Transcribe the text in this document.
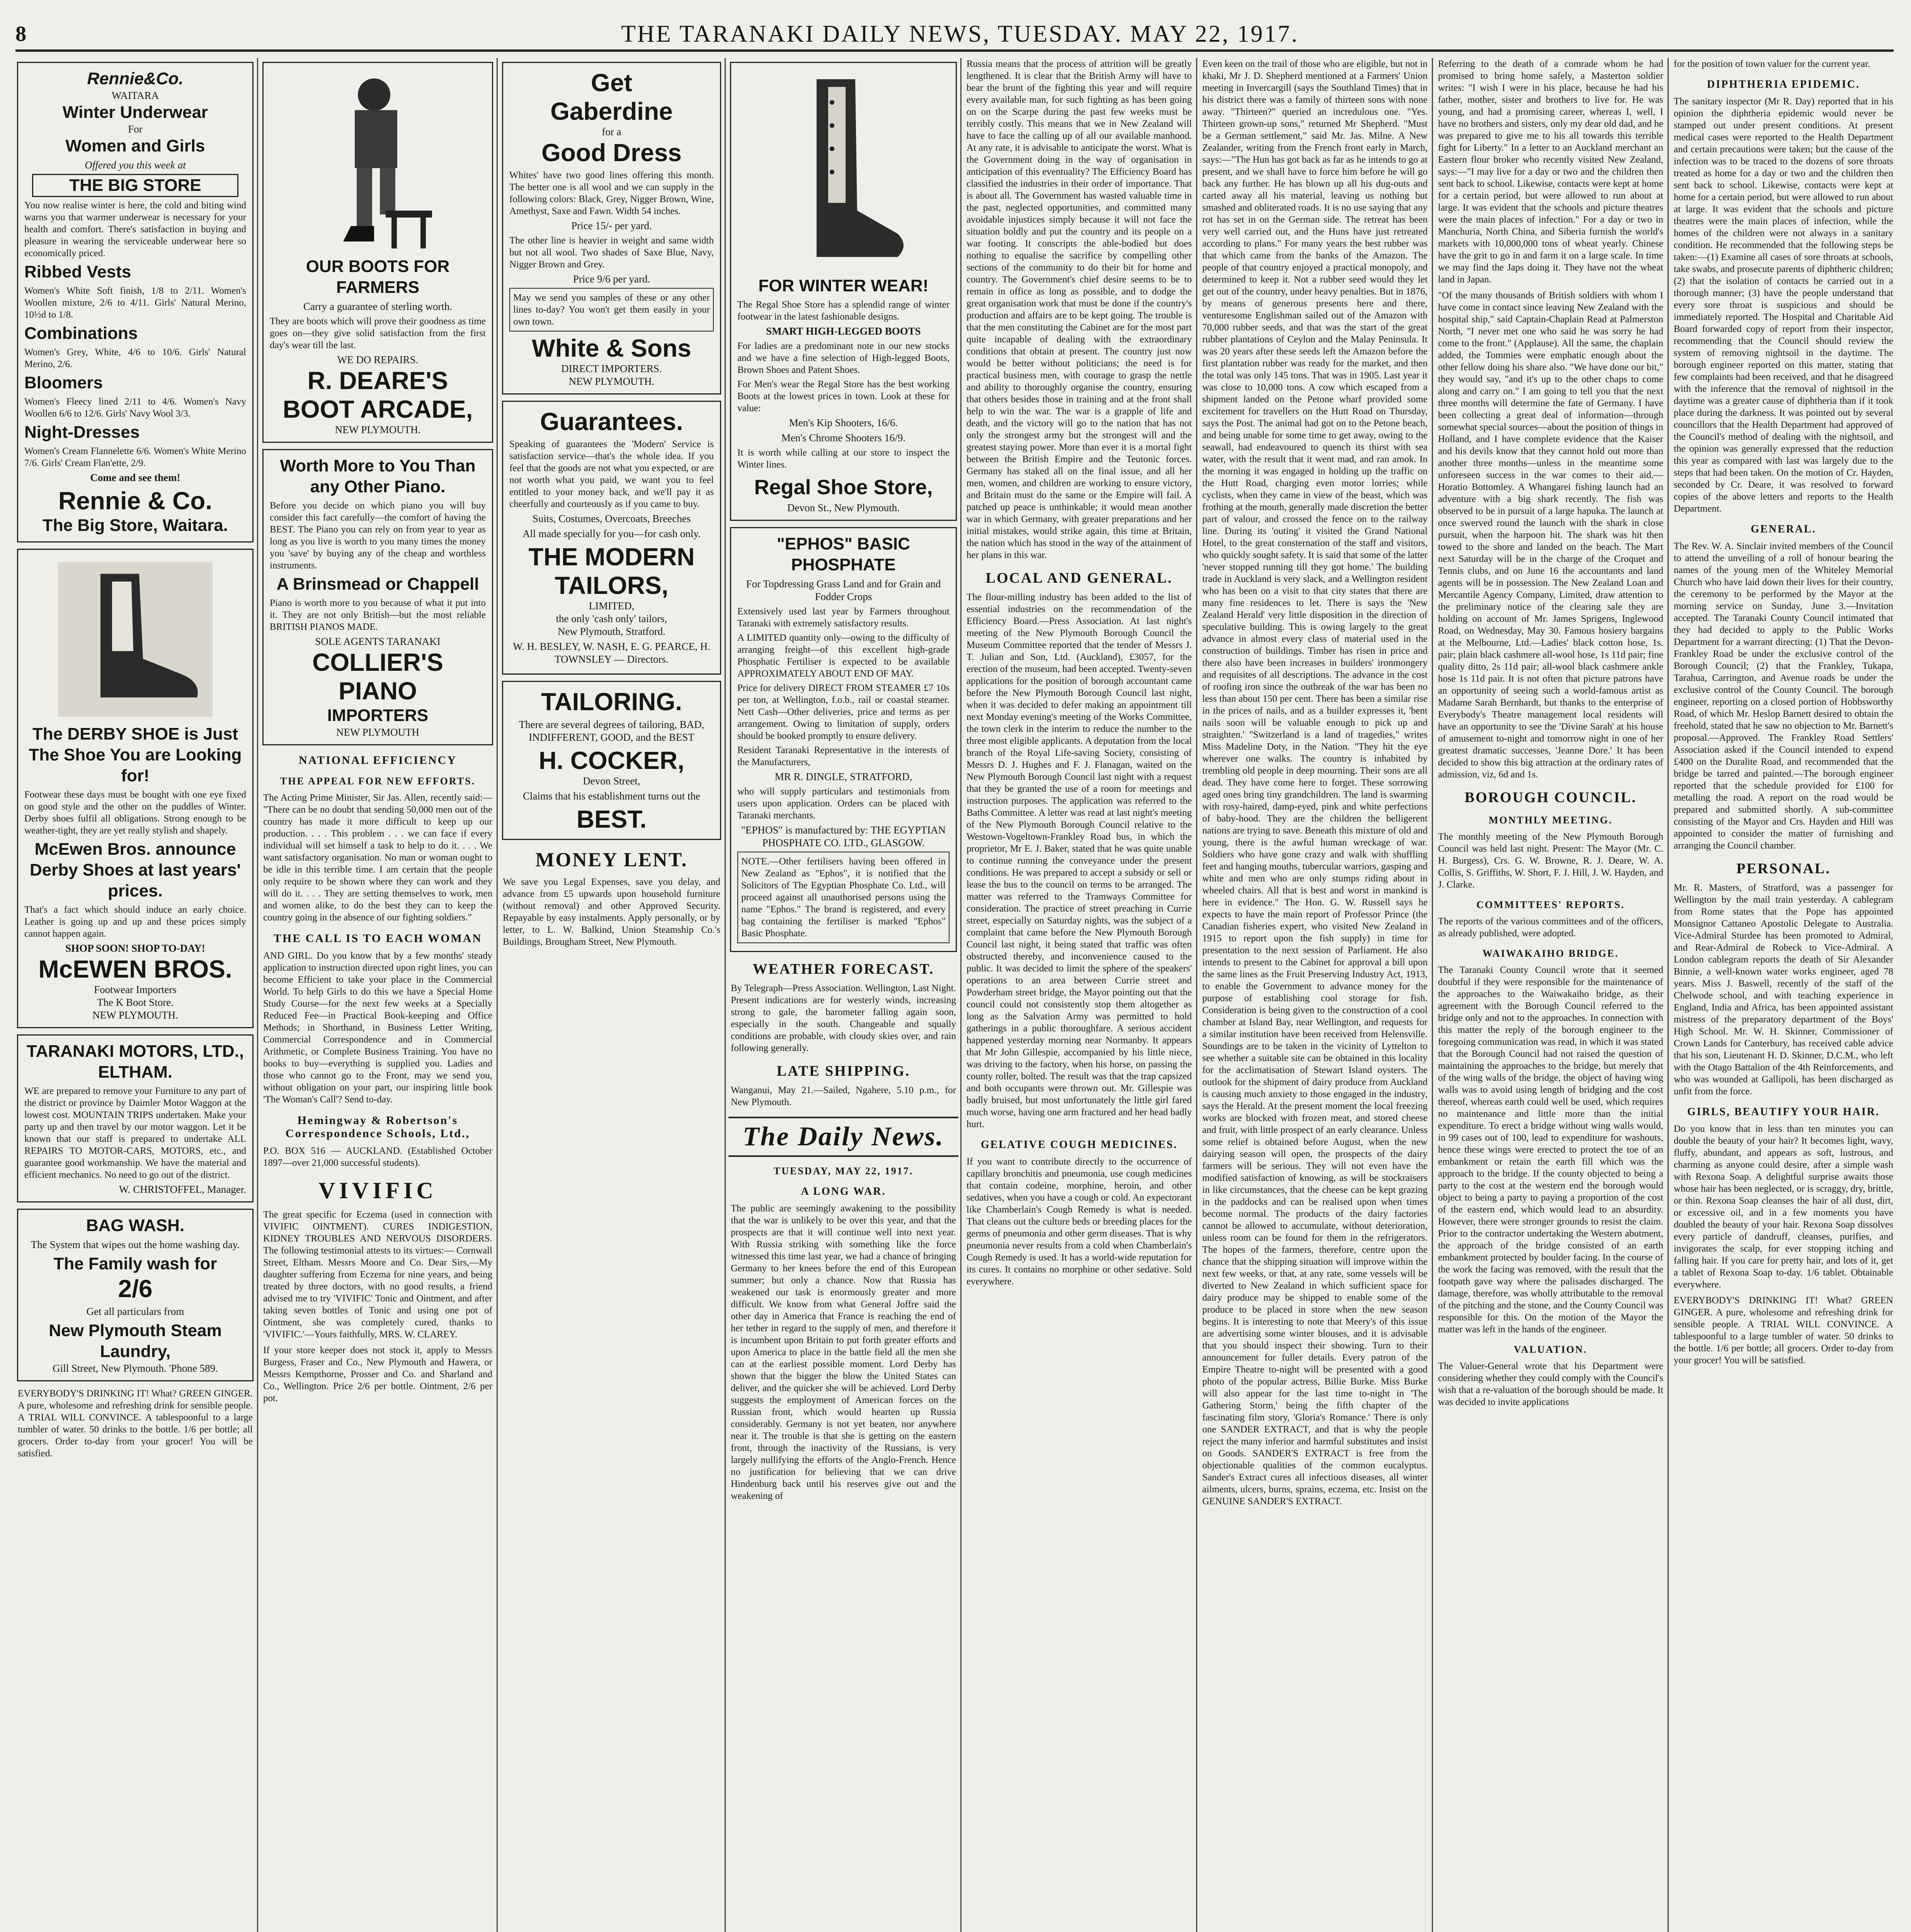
8	THE TARANAKI DAILY NEWS, TUESDAY. MAY 22, 1917.
Rennie&Co.
WAITARA
Winter Underwear
For
Women and Girls

Offered you this week at

THE BIG STORE

You now realise winter is here, the cold and biting wind warns you that warmer underwear is necessary for your health and comfort. There's satisfaction in buying and pleasure in wearing the serviceable underwear here so economically priced.

Ribbed Vests

Women's White Soft finish, 1/8 to 2/11. Women's Woollen mixture, 2/6 to 4/11. Girls' Natural Merino, 10½d to 1/8.

Combinations

Women's Grey, White, 4/6 to 10/6. Girls' Natural Merino, 2/6.

Bloomers

Women's Fleecy lined 2/11 to 4/6. Women's Navy Woollen 6/6 to 12/6. Girls' Navy Wool 3/3.

Night-Dresses

Women's Cream Flannelette 6/6. Women's White Merino 7/6. Girls' Cream Flan'ette, 2/9.

Come and see them!

Rennie & Co.
The Big Store, Waitara.
The DERBY SHOE is Just The Shoe You are Looking for!

Footwear these days must be bought with one eye fixed on good style and the other on the puddles of Winter. Derby shoes fulfil all obligations. Strong enough to be weather-tight, they are yet really stylish and shapely.

McEwen Bros. announce Derby Shoes at last years' prices.

That's a fact which should induce an early choice. Leather is going up and up and these prices simply cannot happen again.

SHOP SOON! SHOP TO-DAY!
McEWEN BROS.
Footwear Importers
The K Boot Store.
NEW PLYMOUTH.
TARANAKI MOTORS, LTD., ELTHAM.

WE are prepared to remove your Furniture to any part of the district or province by Daimler Motor Waggon at the lowest cost. MOUNTAIN TRIPS undertaken. Make your party up and then travel by our motor waggon. Let it be known that our staff is prepared to undertake ALL REPAIRS TO MOTOR-CARS, MOTORS, etc., and guarantee good workmanship. We have the material and efficient mechanics. No need to go out of the district.

W. CHRISTOFFEL, Manager.
BAG WASH.

The System that wipes out the home washing day.

The Family wash for
2/6

Get all particulars from

New Plymouth Steam Laundry,
Gill Street, New Plymouth. 'Phone 589.

EVERYBODY'S DRINKING IT! What? GREEN GINGER. A pure, wholesome and refreshing drink for sensible people. A TRIAL WILL CONVINCE. A tablespoonful to a large tumbler of water. 50 drinks to the bottle. 1/6 per bottle; all grocers. Order to-day from your grocer! You will be satisfied.

OUR BOOTS FOR FARMERS

Carry a guarantee of sterling worth.

They are boots which will prove their goodness as time goes on—they give solid satisfaction from the first day's wear till the last.

WE DO REPAIRS.
R. DEARE'S BOOT ARCADE,
NEW PLYMOUTH.
Worth More to You Than any Other Piano.

Before you decide on which piano you will buy consider this fact carefully—the comfort of having the BEST. The Piano you can rely on from year to year as long as you live is worth to you many times the money you 'save' by buying any of the cheap and worthless instruments.

A Brinsmead or Chappell

Piano is worth more to you because of what it put into it. They are not only British—but the most reliable BRITISH PIANOS MADE.

SOLE AGENTS TARANAKI
COLLIER'S PIANO
IMPORTERS
NEW PLYMOUTH
NATIONAL EFFICIENCY
THE APPEAL FOR NEW EFFORTS.

The Acting Prime Minister, Sir Jas. Allen, recently said:— "There can be no doubt that sending 50,000 men out of the country has made it more difficult to keep up our production. . . . This problem . . . we can face if every individual will set himself a task to help to do it. . . . We want satisfactory organisation. No man or woman ought to be idle in this terrible time. I am certain that the people only require to be shown where they can work and they will do it. . . . They are setting themselves to work, men and women alike, to do the best they can to keep the country going in the absence of our fighting soldiers."

THE CALL IS TO EACH WOMAN

AND GIRL. Do you know that by a few months' steady application to instruction directed upon right lines, you can become Efficient to take your place in the Commercial World. To help Girls to do this we have a Special Home Study Course—for the next few weeks at a Specially Reduced Fee—in Practical Book-keeping and Office Methods; in Shorthand, in Business Letter Writing, Commercial Correspondence and in Commercial Arithmetic, or Complete Business Training. You have no books to buy—everything is supplied you. Ladies and those who cannot go to the Front, may we send you, without obligation on your part, our inspiring little book 'The Woman's Call'? Send to-day.

Hemingway & Robertson's Correspondence Schools, Ltd.,

P.O. BOX 516 — AUCKLAND. (Established October 1897—over 21,000 successful students).

VIVIFIC

The great specific for Eczema (used in connection with VIVIFIC OINTMENT). CURES INDIGESTION, KIDNEY TROUBLES AND NERVOUS DISORDERS. The following testimonial attests to its virtues:— Cornwall Street, Eltham. Messrs Moore and Co. Dear Sirs,—My daughter suffering from Eczema for nine years, and being treated by three doctors, with no good results, a friend advised me to try 'VIVIFIC' Tonic and Ointment, and after taking seven bottles of Tonic and using one pot of Ointment, she was completely cured, thanks to 'VIVIFIC.'—Yours faithfully, MRS. W. CLAREY.

If your store keeper does not stock it, apply to Messrs Burgess, Fraser and Co., New Plymouth and Hawera, or Messrs Kempthorne, Prosser and Co. and Sharland and Co., Wellington. Price 2/6 per bottle. Ointment, 2/6 per pot.

Get
Gaberdine
for a
Good Dress

Whites' have two good lines offering this month. The better one is all wool and we can supply in the following colors: Black, Grey, Nigger Brown, Wine, Amethyst, Saxe and Fawn. Width 54 inches.

Price 15/- per yard.

The other line is heavier in weight and same width but not all wool. Two shades of Saxe Blue, Navy, Nigger Brown and Grey.

Price 9/6 per yard.

May we send you samples of these or any other lines to-day? You won't get them easily in your own town.

White & Sons
DIRECT IMPORTERS.
NEW PLYMOUTH.
Guarantees.

Speaking of guarantees the 'Modern' Service is satisfaction service—that's the whole idea. If you feel that the goods are not what you expected, or are not worth what you paid, we want you to feel entitled to your money back, and we'll pay it as cheerfully and courteously as if you came to buy.

Suits, Costumes, Overcoats, Breeches

All made specially for you—for cash only.

THE MODERN TAILORS,
LIMITED,
the only 'cash only' tailors,
New Plymouth, Stratford.

W. H. BESLEY, W. NASH, E. G. PEARCE, H. TOWNSLEY — Directors.

TAILORING.

There are several degrees of tailoring, BAD, INDIFFERENT, GOOD, and the BEST

H. COCKER,
Devon Street,

Claims that his establishment turns out the

BEST.
MONEY LENT.

We save you Legal Expenses, save you delay, and advance from £5 upwards upon household furniture (without removal) and other Approved Security. Repayable by easy instalments. Apply personally, or by letter, to L. W. Balkind, Union Steamship Co.'s Buildings, Brougham Street, New Plymouth.

FOR WINTER WEAR!

The Regal Shoe Store has a splendid range of winter footwear in the latest fashionable designs.

SMART HIGH-LEGGED BOOTS

For ladies are a predominant note in our new stocks and we have a fine selection of High-legged Boots, Brown Shoes and Patent Shoes.

For Men's wear the Regal Store has the best working Boots at the lowest prices in town. Look at these for value:

Men's Kip Shooters, 16/6.

Men's Chrome Shooters 16/9.

It is worth while calling at our store to inspect the Winter lines.

Regal Shoe Store,
Devon St., New Plymouth.
"EPHOS" BASIC PHOSPHATE

For Topdressing Grass Land and for Grain and Fodder Crops

Extensively used last year by Farmers throughout Taranaki with extremely satisfactory results.

A LIMITED quantity only—owing to the difficulty of arranging freight—of this excellent high-grade Phosphatic Fertiliser is expected to be available APPROXIMATELY ABOUT END OF MAY.

Price for delivery DIRECT FROM STEAMER £7 10s per ton, at Wellington, f.o.b., rail or coastal steamer. Nett Cash—Other deliveries, price and terms as per arrangement. Owing to limitation of supply, orders should be booked promptly to ensure delivery.

Resident Taranaki Representative in the interests of the Manufacturers,

MR R. DINGLE, STRATFORD,

who will supply particulars and testimonials from users upon application. Orders can be placed with Taranaki merchants.

"EPHOS" is manufactured by: THE EGYPTIAN PHOSPHATE CO. LTD., GLASGOW.

NOTE.—Other fertilisers having been offered in New Zealand as "Ephos", it is notified that the Solicitors of The Egyptian Phosphate Co. Ltd., will proceed against all unauthorised persons using the name "Ephos." The brand is registered, and every bag containing the fertiliser is marked "Ephos" Basic Phosphate.

WEATHER FORECAST.

By Telegraph—Press Association. Wellington, Last Night. Present indications are for westerly winds, increasing strong to gale, the barometer falling again soon, especially in the south. Changeable and squally conditions are probable, with cloudy skies over, and rain following generally.

LATE SHIPPING.

Wanganui, May 21.—Sailed, Ngahere, 5.10 p.m., for New Plymouth.

The Daily News.
TUESDAY, MAY 22, 1917.
A LONG WAR.

The public are seemingly awakening to the possibility that the war is unlikely to be over this year, and that the prospects are that it will continue well into next year. With Russia striking with something like the force witnessed this time last year, we had a chance of bringing Germany to her knees before the end of this European summer; but only a chance. Now that Russia has weakened our task is enormously greater and more difficult. We know from what General Joffre said the other day in America that France is reaching the end of her tether in regard to the supply of men, and therefore it is incumbent upon Britain to put forth greater efforts and upon America to place in the battle field all the men she can at the earliest possible moment. Lord Derby has shown that the bigger the blow the United States can deliver, and the quicker she will be achieved. Lord Derby suggests the employment of American forces on the Russian front, which would hearten up Russia considerably. Germany is not yet beaten, nor anywhere near it. The trouble is that she is getting on the eastern front, through the inactivity of the Russians, is very largely nullifying the efforts of the Anglo-French. Hence no justification for believing that we can drive Hindenburg back until his reserves give out and the weakening of

Russia means that the process of attrition will be greatly lengthened. It is clear that the British Army will have to bear the brunt of the fighting this year and will require every available man, for such fighting as has been going on on the Scarpe during the past few weeks must be terribly costly. This means that we in New Zealand will have to face the calling up of all our available manhood. At any rate, it is advisable to anticipate the worst. What is the Government doing in the way of organisation in anticipation of this eventuality? The Efficiency Board has classified the industries in their order of importance. That is about all. The Government has wasted valuable time in the past, neglected opportunities, and committed many avoidable injustices simply because it will not face the situation boldly and put the country and its people on a war footing. It conscripts the able-bodied but does nothing to equalise the sacrifice by compelling other sections of the community to do their bit for home and country. The Government's chief desire seems to be to remain in office as long as possible, and to dodge the great organisation work that must be done if the country's production and affairs are to be kept going. The trouble is that the men constituting the Cabinet are for the most part quite incapable of dealing with the extraordinary conditions that obtain at present. The country just now would be better without politicians; the need is for practical business men, with courage to grasp the nettle and ability to thoroughly organise the country, ensuring that others besides those in training and at the front shall help to win the war. The war is a grapple of life and death, and the victory will go to the nation that has not only the strongest army but the strongest will and the greatest staying power. More than ever it is a mortal fight between the British Empire and the Teutonic forces. Germany has staked all on the final issue, and all her men, women, and children are working to ensure victory, and Britain must do the same or the Empire will fail. A patched up peace is unthinkable; it would mean another war in which Germany, with greater preparations and her initial mistakes, would strike again, this time at Britain, the nation which has stood in the way of the attainment of her plans in this war.

LOCAL AND GENERAL.

The flour-milling industry has been added to the list of essential industries on the recommendation of the Efficiency Board.—Press Association. At last night's meeting of the New Plymouth Borough Council the Museum Committee reported that the tender of Messrs J. T. Julian and Son, Ltd. (Auckland), £3057, for the erection of the museum, had been accepted. Twenty-seven applications for the position of borough accountant came before the New Plymouth Borough Council last night, when it was decided to defer making an appointment till next Monday evening's meeting of the Works Committee, the town clerk in the interim to reduce the number to the three most eligible applicants. A deputation from the local branch of the Royal Life-saving Society, consisting of Messrs D. J. Hughes and F. J. Flanagan, waited on the New Plymouth Borough Council last night with a request that they be granted the use of a room for meetings and instruction purposes. The application was referred to the Baths Committee. A letter was read at last night's meeting of the New Plymouth Borough Council relative to the Westown-Vogeltown-Frankley Road bus, in which the proprietor, Mr E. J. Baker, stated that he was quite unable to continue running the conveyance under the present conditions. He was prepared to accept a subsidy or sell or lease the bus to the council on terms to be arranged. The matter was referred to the Tramways Committee for consideration. The practice of street preaching in Currie street, especially on Saturday nights, was the subject of a complaint that came before the New Plymouth Borough Council last night, it being stated that traffic was often obstructed thereby, and inconvenience caused to the public. It was decided to limit the sphere of the speakers' operations to an area between Currie street and Powderham street bridge, the Mayor pointing out that the council could not consistently stop them altogether as long as the Salvation Army was permitted to hold gatherings in a public thoroughfare. A serious accident happened yesterday morning near Normanby. It appears that Mr John Gillespie, accompanied by his little niece, was driving to the factory, when his horse, on passing the county roller, bolted. The result was that the trap capsized and both occupants were thrown out. Mr. Gillespie was badly bruised, but most unfortunately the little girl fared much worse, having one arm fractured and her head badly hurt.

GELATIVE COUGH MEDICINES.

If you want to contribute directly to the occurrence of capillary bronchitis and pneumonia, use cough medicines that contain codeine, morphine, heroin, and other sedatives, when you have a cough or cold. An expectorant like Chamberlain's Cough Remedy is what is needed. That cleans out the culture beds or breeding places for the germs of pneumonia and other germ diseases. That is why pneumonia never results from a cold when Chamberlain's Cough Remedy is used. It has a world-wide reputation for its cures. It contains no morphine or other sedative. Sold everywhere.

Even keen on the trail of those who are eligible, but not in khaki, Mr J. D. Shepherd mentioned at a Farmers' Union meeting in Invercargill (says the Southland Times) that in his district there was a family of thirteen sons with none away. "Thirteen?" queried an incredulous one. "Yes. Thirteen grown-up sons," returned Mr Shepherd. "Must be a German settlement," said Mr. Jas. Milne. A New Zealander, writing from the French front early in March, says:—"The Hun has got back as far as he intends to go at present, and we shall have to force him before he will go back any further. He has blown up all his dug-outs and carted away all his material, leaving us nothing but smashed and obliterated roads. It is no use saying that any rot has set in on the German side. The retreat has been very well carried out, and the Huns have just retreated according to plans." For many years the best rubber was that which came from the banks of the Amazon. The people of that country enjoyed a practical monopoly, and determined to keep it. Not a rubber seed would they let get out of the country, under heavy penalties. But in 1876, by means of generous presents here and there, venturesome Englishman sailed out of the Amazon with 70,000 rubber seeds, and that was the start of the great rubber plantations of Ceylon and the Malay Peninsula. It was 20 years after these seeds left the Amazon before the first plantation rubber was ready for the market, and then the total was only 145 tons. That was in 1905. Last year it was close to 10,000 tons. A cow which escaped from a shipment landed on the Petone wharf provided some excitement for travellers on the Hutt Road on Thursday, says the Post. The animal had got on to the Petone beach, and being unable for some time to get away, owing to the seawall, had endeavoured to quench its thirst with sea water, with the result that it went mad, and ran amok. In the morning it was engaged in holding up the traffic on the Hutt Road, charging even motor lorries; while cyclists, when they came in view of the beast, which was frothing at the mouth, generally made discretion the better part of valour, and crossed the fence on to the railway line. During its 'outing' it visited the Grand National Hotel, to the great consternation of the staff and visitors, who quickly sought safety. It is said that some of the latter 'never stopped running till they got home.' The building trade in Auckland is very slack, and a Wellington resident who has been on a visit to that city states that there are many fine residences to let. There is says the 'New Zealand Herald' very little disposition in the direction of speculative building. This is owing largely to the great advance in almost every class of material used in the construction of buildings. Timber has risen in price and there also have been increases in builders' ironmongery and requisites of all descriptions. The advance in the cost of roofing iron since the outbreak of the war has been no less than about 150 per cent. There has been a similar rise in the prices of nails, and as a builder expresses it, 'bent nails soon will be valuable enough to pick up and straighten.' "Switzerland is a land of tragedies," writes Miss Madeline Doty, in the Nation. "They hit the eye wherever one walks. The country is inhabited by trembling old people in deep mourning. Their sons are all dead. They have come here to forget. These sorrowing aged ones bring tiny grandchildren. The land is swarming with rosy-haired, damp-eyed, pink and white perfections of baby-hood. They are the children the belligerent nations are trying to save. Beneath this mixture of old and young, there is the awful human wreckage of war. Soldiers who have gone crazy and walk with shuffling feet and hanging mouths, tubercular warriors, gasping and white and men who are only stumps riding about in wheeled chairs. All that is best and worst in mankind is here in evidence." The Hon. G. W. Russell says he expects to have the main report of Professor Prince (the Canadian fisheries expert, who visited New Zealand in 1915 to report upon the fish supply) in time for presentation to the next session of Parliament. He also intends to present to the Cabinet for approval a bill upon the same lines as the Fruit Preserving Industry Act, 1913, to enable the Government to advance money for the purpose of establishing cool storage for fish. Consideration is being given to the construction of a cool chamber at Island Bay, near Wellington, and requests for a similar institution have been received from Helensville. Soundings are to be taken in the vicinity of Lyttelton to see whether a suitable site can be obtained in this locality for the acclimatisation of Stewart Island oysters. The outlook for the shipment of dairy produce from Auckland is causing much anxiety to those engaged in the industry, says the Herald. At the present moment the local freezing works are blocked with frozen meat, and stored cheese and fruit, with little prospect of an early clearance. Unless some relief is obtained before August, when the new dairying season will open, the prospects of the dairy farmers will be serious. They will not even have the modified satisfaction of knowing, as will be stockraisers in like circumstances, that the cheese can be kept grazing in the paddocks and can be realised upon when times become normal. The products of the dairy factories cannot be allowed to accumulate, without deterioration, unless room can be found for them in the refrigerators. The hopes of the farmers, therefore, centre upon the chance that the shipping situation will improve within the next few weeks, or that, at any rate, some vessels will be diverted to New Zealand in which sufficient space for dairy produce may be shipped to enable some of the produce to be placed in store when the new season begins. It is interesting to note that Meery's of this issue are advertising some winter blouses, and it is advisable that you should inspect their showing. Turn to their announcement for fuller details. Every patron of the Empire Theatre to-night will be presented with a good photo of the popular actress, Billie Burke. Miss Burke will also appear for the last time to-night in 'The Gathering Storm,' being the fifth chapter of the fascinating film story, 'Gloria's Romance.' There is only one SANDER EXTRACT, and that is why the people reject the many inferior and harmful substitutes and insist on Goods. SANDER'S EXTRACT is free from the objectionable qualities of the common eucalyptus. Sander's Extract cures all infectious diseases, all winter ailments, ulcers, burns, sprains, eczema, etc. Insist on the GENUINE SANDER'S EXTRACT.

Referring to the death of a comrade whom he had promised to bring home safely, a Masterton soldier writes: "I wish I were in his place, because he had his father, mother, sister and brothers to live for. He was young, and had a promising career, whereas I, well, I have no brothers and sisters, only my dear old dad, and he was prepared to give me to his all towards this terrible fight for Liberty." In a letter to an Auckland merchant an Eastern flour broker who recently visited New Zealand, says:—"I may live for a day or two and the children then sent back to school. Likewise, contacts were kept at home for a certain period, but were allowed to run about at large. It was evident that the schools and picture theatres were the main places of infection." For a day or two in Manchuria, North China, and Siberia furnish the world's markets with 10,000,000 tons of wheat yearly. Chinese have the grit to go in and farm it on a large scale. In time we may find the Japs doing it. They have not the wheat land in Japan.

"Of the many thousands of British soldiers with whom I have come in contact since leaving New Zealand with the hospital ship," said Captain-Chaplain Read at Palmerston North, "I never met one who said he was sorry he had come to the front." (Applause). All the same, the chaplain added, the Tommies were emphatic enough about the other fellow doing his share also. "We have done our bit," they would say, "and it's up to the other chaps to come along and carry on." I am going to tell you that the next three months will determine the fate of Germany. I have been collecting a great deal of information—through somewhat special sources—about the position of things in Holland, and I have complete evidence that the Kaiser and his devils know that they cannot hold out more than another three months—unless in the meantime some unforeseen success in the war comes to their aid.—Horatio Bottomley. A Whangarei fishing launch had an adventure with a big shark recently. The fish was observed to be in pursuit of a large hapuka. The launch at once swerved round the launch with the shark in close pursuit, when the harpoon hit. The shark was hit then towed to the shore and landed on the beach. The Mart next Saturday will be in the charge of the Croquet and Tennis clubs, and on June 16 the accountants and land agents will be in possession. The New Zealand Loan and Mercantile Agency Company, Limited, draw attention to the preliminary notice of the clearing sale they are holding on account of Mr. James Sprigens, Inglewood Road, on Wednesday, May 30. Famous hosiery bargains at the Melbourne, Ltd.—Ladies' black cotton hose, 1s. pair; plain black cashmere all-wool hose, 1s 11d pair; fine quality ditto, 2s 11d pair; all-wool black cashmere ankle hose 1s 11d pair. It is not often that picture patrons have an opportunity of seeing such a world-famous artist as Madame Sarah Bernhardt, but thanks to the enterprise of Everybody's Theatre management local residents will have an opportunity to see the 'Divine Sarah' at his house of amusement to-night and tomorrow night in one of her greatest dramatic successes, 'Jeanne Dore.' It has been decided to show this big attraction at the ordinary rates of admission, viz, 6d and 1s.

BOROUGH COUNCIL.
MONTHLY MEETING.

The monthly meeting of the New Plymouth Borough Council was held last night. Present: The Mayor (Mr. C. H. Burgess), Crs. G. W. Browne, R. J. Deare, W. A. Collis, S. Griffiths, W. Short, F. J. Hill, J. W. Hayden, and J. Clarke.

COMMITTEES' REPORTS.

The reports of the various committees and of the officers, as already published, were adopted.

WAIWAKAIHO BRIDGE.

The Taranaki County Council wrote that it seemed doubtful if they were responsible for the maintenance of the approaches to the Waiwakaiho bridge, as their agreement with the Borough Council referred to the bridge only and not to the approaches. In connection with this matter the reply of the borough engineer to the foregoing communication was read, in which it was stated that the Borough Council had not raised the question of maintaining the approaches to the bridge, but merely that of the wing walls of the bridge, the object of having wing walls was to avoid using length of bridging and the cost thereof, whereas earth could well be used, which requires no maintenance and little more than the initial expenditure. To erect a bridge without wing walls would, in 99 cases out of 100, lead to expenditure for washouts, hence these wings were erected to protect the toe of an embankment or retain the earth fill which was the approach to the bridge. If the county objected to being a party to the cost at the western end the borough would object to being a party to paying a proportion of the cost of the eastern end, which would lead to an absurdity. However, there were stronger grounds to resist the claim. Prior to the contractor undertaking the Western abutment, the approach of the bridge consisted of an earth embankment protected by boulder facing. In the course of the work the facing was removed, with the result that the footpath gave way where the palisades discharged. The damage, therefore, was wholly attributable to the removal of the pitching and the stone, and the County Council was responsible for this. On the motion of the Mayor the matter was left in the hands of the engineer.

VALUATION.

The Valuer-General wrote that his Department were considering whether they could comply with the Council's wish that a re-valuation of the borough should be made. It was decided to invite applications

for the position of town valuer for the current year.

DIPHTHERIA EPIDEMIC.

The sanitary inspector (Mr R. Day) reported that in his opinion the diphtheria epidemic would never be stamped out under present conditions. At present medical cases were reported to the Health Department and certain precautions were taken; but the cause of the infection was to be traced to the dozens of sore throats treated as home for a day or two and the children then sent back to school. Likewise, contacts were kept at home for a certain period, but were allowed to run about at large. It was evident that the schools and picture theatres were the main places of infection, while the homes of the children were not always in a sanitary condition. He recommended that the following steps be taken:—(1) Examine all cases of sore throats at schools, take swabs, and prosecute parents of diphtheric children; (2) that the isolation of contacts be carried out in a thorough manner; (3) have the people understand that every sore throat is suspicious and should be immediately reported. The Hospital and Charitable Aid Board forwarded copy of report from their inspector, recommending that the Council should review the system of removing nightsoil in the daytime. The borough engineer reported on this matter, stating that few complaints had been received, and that he disagreed with the inference that the removal of nightsoil in the daytime was a greater cause of diphtheria than if it took place during the darkness. It was pointed out by several councillors that the Health Department had approved of the Council's method of dealing with the nightsoil, and the opinion was generally expressed that the reduction this year as compared with last was largely due to the steps that had been taken. On the motion of Cr. Hayden, seconded by Cr. Deare, it was resolved to forward copies of the above letters and reports to the Health Department.

GENERAL.

The Rev. W. A. Sinclair invited members of the Council to attend the unveiling of a roll of honour bearing the names of the young men of the Whiteley Memorial Church who have laid down their lives for their country, the ceremony to be performed by the Mayor at the morning service on Sunday, June 3.—Invitation accepted. The Taranaki County Council intimated that they had decided to apply to the Public Works Department for a warrant directing: (1) That the Devon-Frankley Road be under the exclusive control of the Borough Council; (2) that the Frankley, Tukapa, Tarahua, Carrington, and Avenue roads be under the exclusive control of the County Council. The borough engineer, reporting on a closed portion of Hobbsworthy Road, of which Mr. Heslop Barnett desired to obtain the freehold, stated that he saw no objection to Mr. Barnett's proposal.—Approved. The Frankley Road Settlers' Association asked if the Council intended to expend £400 on the Duralite Road, and recommended that the bridge be tarred and painted.—The borough engineer reported that the schedule provided for £100 for metalling the road. A report on the road would be prepared and submitted shortly. A sub-committee consisting of the Mayor and Crs. Hayden and Hill was appointed to consider the matter of furnishing and arranging the Council chamber.

PERSONAL.

Mr. R. Masters, of Stratford, was a passenger for Wellington by the mail train yesterday. A cablegram from Rome states that the Pope has appointed Monsignor Cattaneo Apostolic Delegate to Australia. Vice-Admiral Sturdee has been promoted to Admiral, and Rear-Admiral de Robeck to Vice-Admiral. A London cablegram reports the death of Sir Alexander Binnie, a well-known water works engineer, aged 78 years. Miss J. Baswell, recently of the staff of the Chelwode school, and with teaching experience in England, India and Africa, has been appointed assistant mistress of the preparatory department of the Boys' High School. Mr. W. H. Skinner, Commissioner of Crown Lands for Canterbury, has received cable advice that his son, Lieutenant H. D. Skinner, D.C.M., who left with the Otago Battalion of the 4th Reinforcements, and who was wounded at Gallipoli, has been discharged as unfit from the force.

GIRLS, BEAUTIFY YOUR HAIR.

Do you know that in less than ten minutes you can double the beauty of your hair? It becomes light, wavy, fluffy, abundant, and appears as soft, lustrous, and charming as anyone could desire, after a simple wash with Rexona Soap. A delightful surprise awaits those whose hair has been neglected, or is scraggy, dry, brittle, or thin. Rexona Soap cleanses the hair of all dust, dirt, or excessive oil, and in a few moments you have doubled the beauty of your hair. Rexona Soap dissolves every particle of dandruff, cleanses, purifies, and invigorates the scalp, for ever stopping itching and falling hair. If you care for pretty hair, and lots of it, get a tablet of Rexona Soap to-day. 1/6 tablet. Obtainable everywhere.

EVERYBODY'S DRINKING IT! What? GREEN GINGER. A pure, wholesome and refreshing drink for sensible people. A TRIAL WILL CONVINCE. A tablespoonful to a large tumbler of water. 50 drinks to the bottle. 1/6 per bottle; all grocers. Order to-day from your grocer! You will be satisfied.
